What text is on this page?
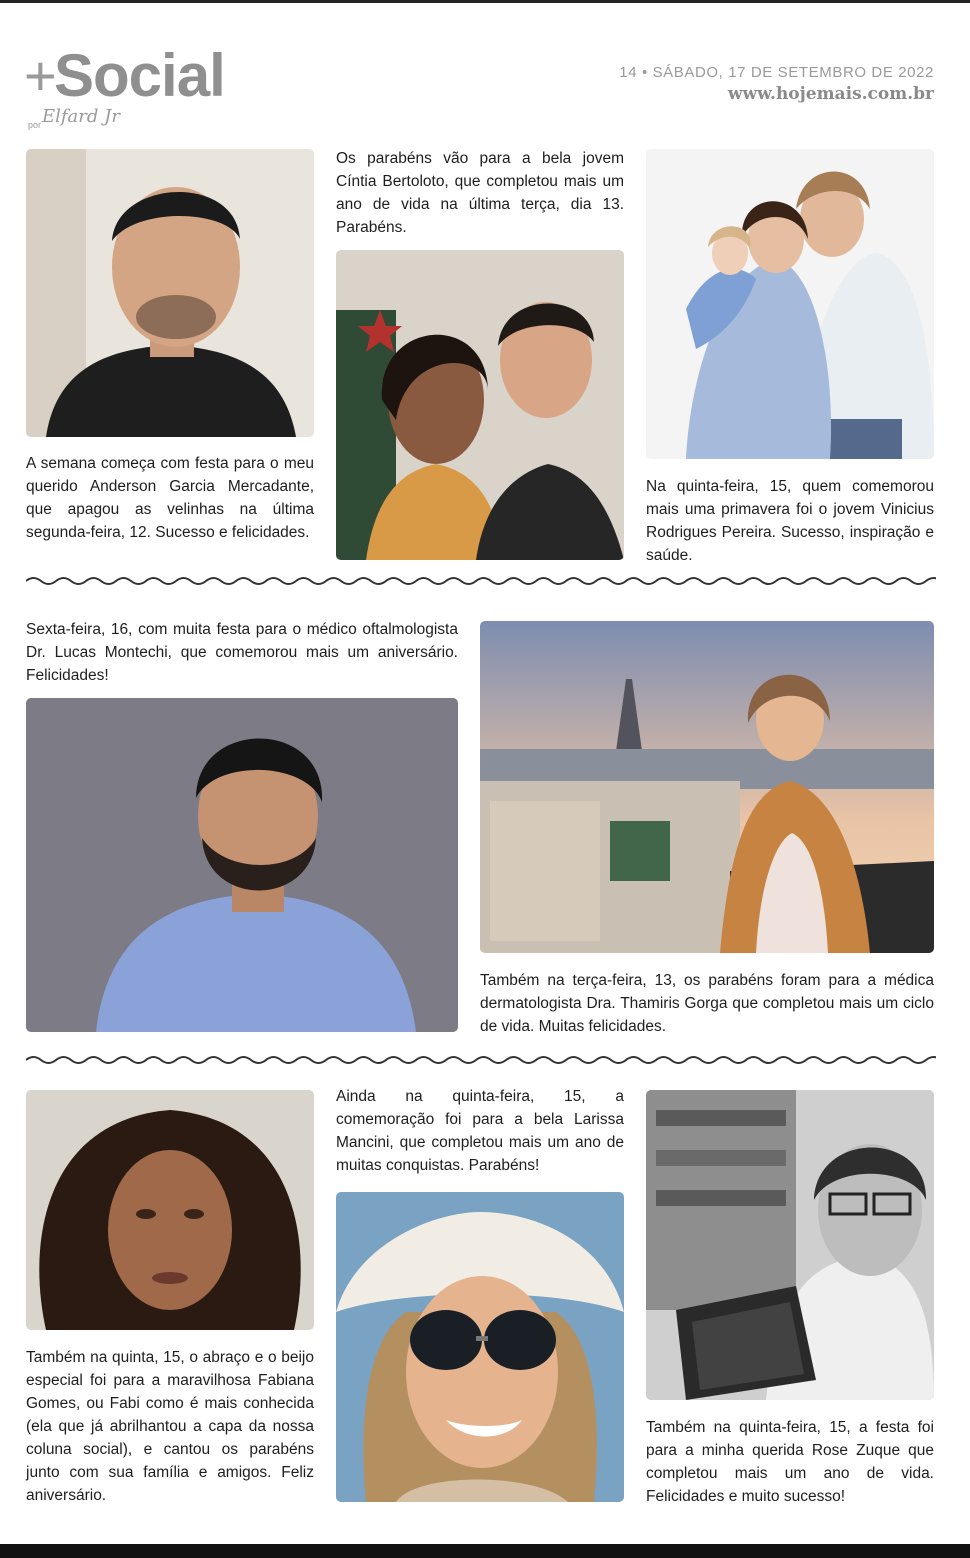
+
Social
por Elfard Jr
14 • SÁBADO, 17 DE SETEMBRO DE 2022
www.hojemais.com.br

A semana começa com festa para o meu querido Anderson Garcia Mercadante, que apagou as velinhas na última segunda-feira, 12. Sucesso e felicidades.

Os parabéns vão para a bela jovem Cíntia Bertoloto, que completou mais um ano de vida na última terça, dia 13. Parabéns.

Na quinta-feira, 15, quem comemorou mais uma primavera foi o jovem Vinicius Rodrigues Pereira. Sucesso, inspiração e saúde.

Sexta-feira, 16, com muita festa para o médico oftalmologista Dr. Lucas Montechi, que comemorou mais um aniversário. Felicidades!

Também na terça-feira, 13, os parabéns foram para a médica dermatologista Dra. Thamiris Gorga que completou mais um ciclo de vida. Muitas felicidades.

Também na quinta, 15, o abraço e o beijo especial foi para a maravilhosa Fabiana Gomes, ou Fabi como é mais conhecida (ela que já abrilhantou a capa da nossa coluna social), e cantou os parabéns junto com sua família e amigos. Feliz aniversário.

Ainda na quinta-feira, 15, a comemoração foi para a bela Larissa Mancini, que completou mais um ano de muitas conquistas. Parabéns!

Também na quinta-feira, 15, a festa foi para a minha querida Rose Zuque que completou mais um ano de vida. Felicidades e muito sucesso!
